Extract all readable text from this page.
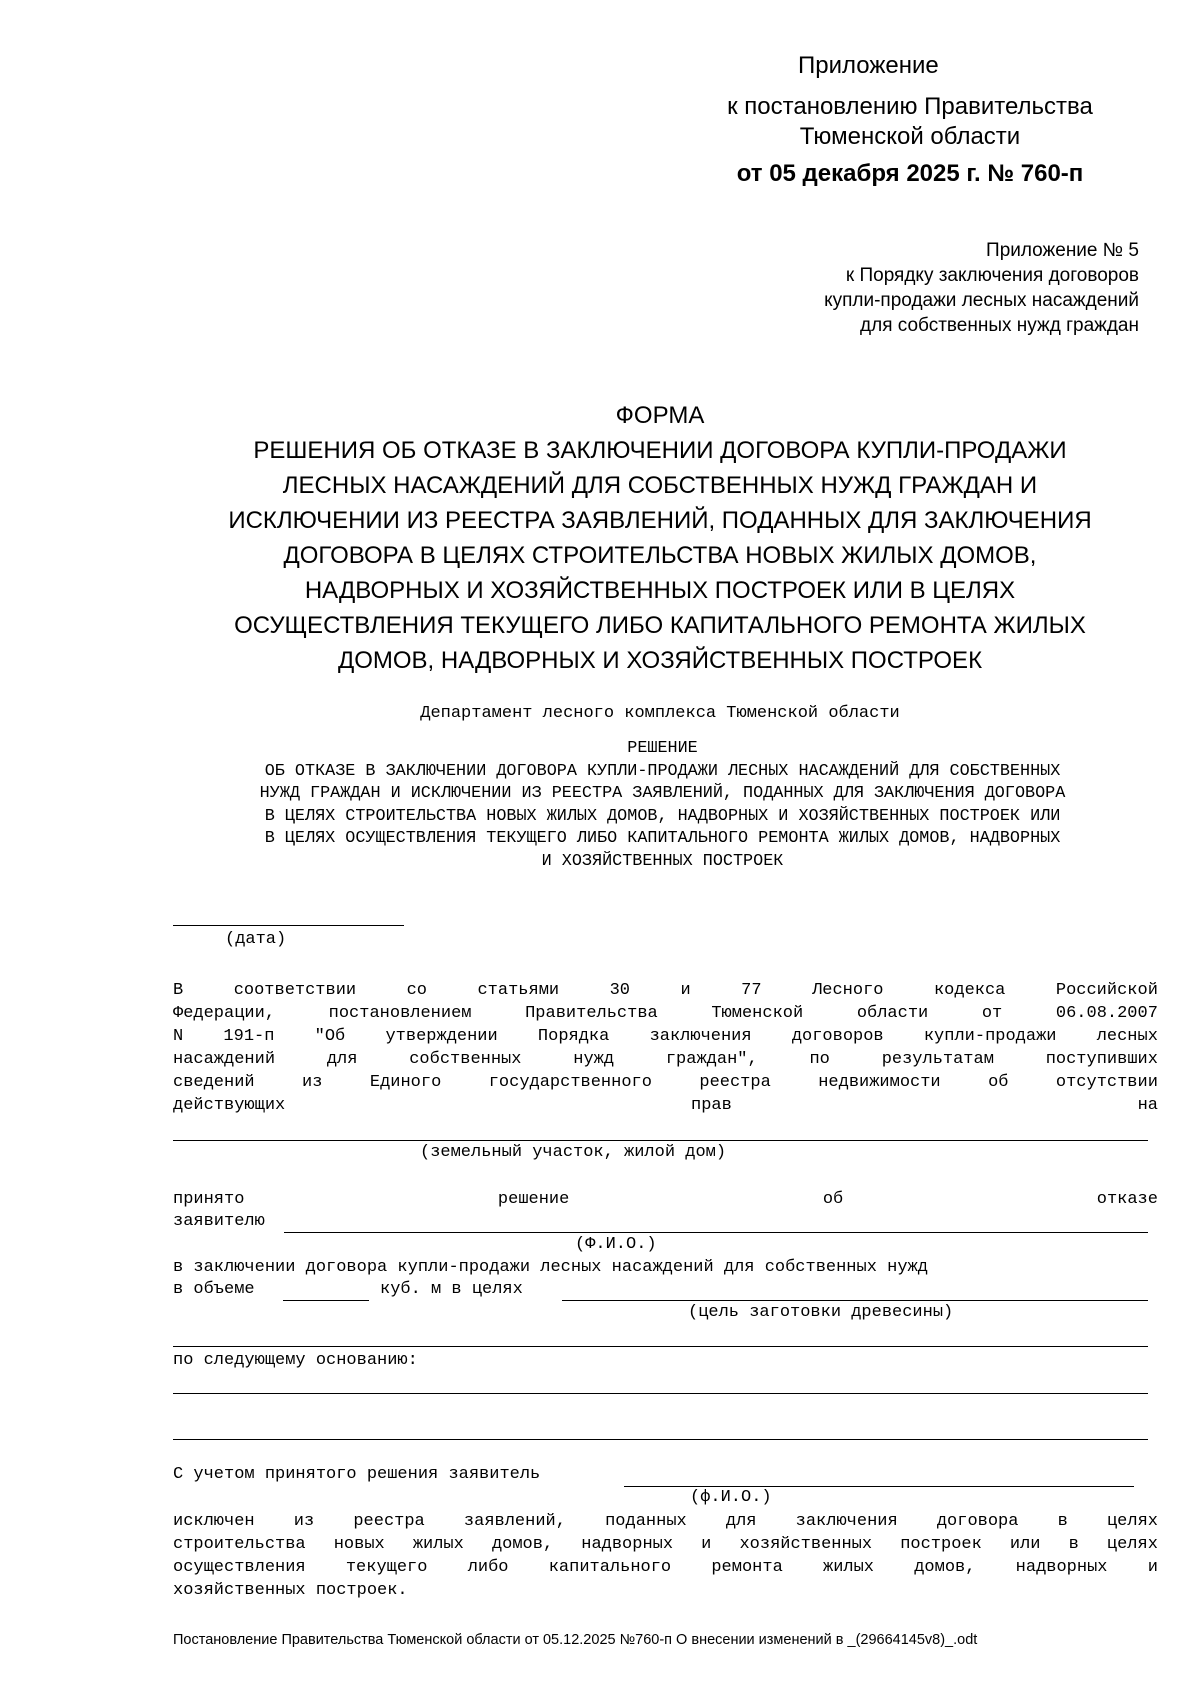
Приложение
к постановлению Правительства
Тюменской области
от 05 декабря 2025 г. № 760-п
Приложение № 5
к Порядку заключения договоров
купли-продажи лесных насаждений
для собственных нужд граждан
ФОРМА
РЕШЕНИЯ ОБ ОТКАЗЕ В ЗАКЛЮЧЕНИИ ДОГОВОРА КУПЛИ-ПРОДАЖИ
ЛЕСНЫХ НАСАЖДЕНИЙ ДЛЯ СОБСТВЕННЫХ НУЖД ГРАЖДАН И
ИСКЛЮЧЕНИИ ИЗ РЕЕСТРА ЗАЯВЛЕНИЙ, ПОДАННЫХ ДЛЯ ЗАКЛЮЧЕНИЯ
ДОГОВОРА В ЦЕЛЯХ СТРОИТЕЛЬСТВА НОВЫХ ЖИЛЫХ ДОМОВ,
НАДВОРНЫХ И ХОЗЯЙСТВЕННЫХ ПОСТРОЕК ИЛИ В ЦЕЛЯХ
ОСУЩЕСТВЛЕНИЯ ТЕКУЩЕГО ЛИБО КАПИТАЛЬНОГО РЕМОНТА ЖИЛЫХ
ДОМОВ, НАДВОРНЫХ И ХОЗЯЙСТВЕННЫХ ПОСТРОЕК
Департамент лесного комплекса Тюменской области
РЕШЕНИЕ
ОБ ОТКАЗЕ В ЗАКЛЮЧЕНИИ ДОГОВОРА КУПЛИ-ПРОДАЖИ ЛЕСНЫХ НАСАЖДЕНИЙ ДЛЯ СОБСТВЕННЫХ
НУЖД ГРАЖДАН И ИСКЛЮЧЕНИИ ИЗ РЕЕСТРА ЗАЯВЛЕНИЙ, ПОДАННЫХ ДЛЯ ЗАКЛЮЧЕНИЯ ДОГОВОРА
В ЦЕЛЯХ СТРОИТЕЛЬСТВА НОВЫХ ЖИЛЫХ ДОМОВ, НАДВОРНЫХ И ХОЗЯЙСТВЕННЫХ ПОСТРОЕК ИЛИ
В ЦЕЛЯХ ОСУЩЕСТВЛЕНИЯ ТЕКУЩЕГО ЛИБО КАПИТАЛЬНОГО РЕМОНТА ЖИЛЫХ ДОМОВ, НАДВОРНЫХ
И ХОЗЯЙСТВЕННЫХ ПОСТРОЕК
(дата)
В	соответствии	со	статьями	30	и	77	Лесного	кодекса	Российской
Федерации,	постановлением	Правительства	Тюменской	области	от	06.08.2007
N 191-п "Об утверждении Порядка заключения договоров купли-продажи лесных
насаждений	для	собственных	нужд	граждан",	по	результатам	поступивших
сведений	из	Единого	государственного	реестра	недвижимости	об	отсутствии
действующих	прав	на
(земельный участок, жилой дом)
принято	решение	об	отказе
заявителю
(Ф.И.О.)
в заключении договора купли-продажи лесных насаждений для собственных нужд
в объеме	куб. м в целях
(цель заготовки древесины)
по следующему основанию:
С учетом принятого решения заявитель
(ф.И.О.)
исключен из реестра заявлений, поданных для заключения договора в целях
строительства новых жилых домов, надворных и хозяйственных построек или в целях
осуществления текущего либо капитального ремонта жилых домов, надворных и
хозяйственных построек.
Постановление Правительства Тюменской области от 05.12.2025 №760-п О внесении изменений в _(29664145v8)_.odt
